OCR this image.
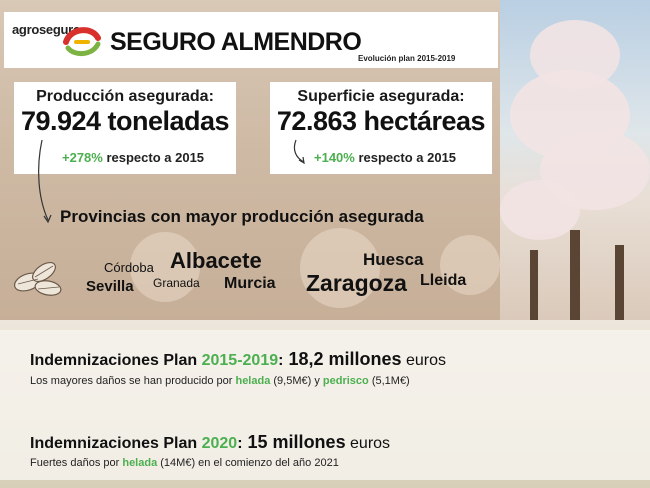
agroseguro SEGURO ALMENDRO
Evolución plan 2015-2019
Producción asegurada:
79.924 toneladas
+278% respecto a 2015
Superficie asegurada:
72.863 hectáreas
+140% respecto a 2015
Provincias con mayor producción asegurada
Córdoba Albacete	Huesca
Sevilla Granada Murcia Zaragoza Lleida
Indemnizaciones Plan 2015-2019: 18,2 millones euros
Los mayores daños se han producido por helada (9,5M€) y pedrisco (5,1M€)
Indemnizaciones Plan 2020: 15 millones euros
Fuertes daños por helada (14M€) en el comienzo del año 2021
